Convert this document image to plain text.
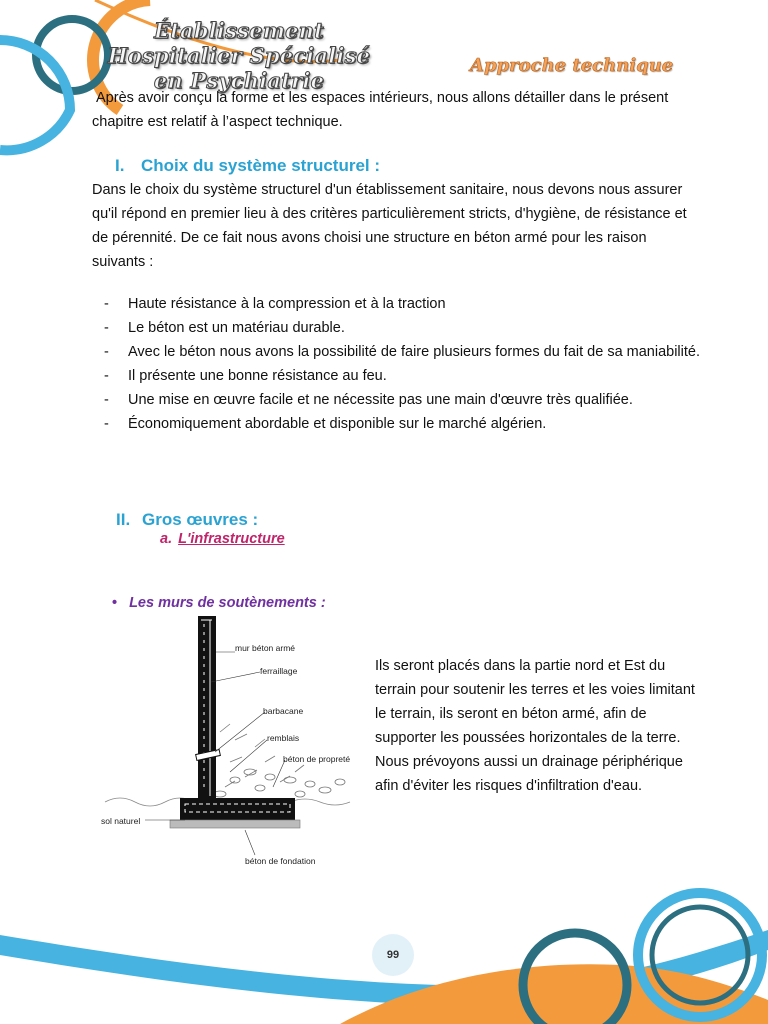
Établissement Hospitalier Spécialisé
en Psychiatrie
Approche technique

Après avoir conçu la forme et les espaces intérieurs, nous allons détailler dans le présent chapitre est relatif à l’aspect technique.

I. Choix du système structurel :

Dans le choix du système structurel d'un établissement sanitaire, nous devons nous assurer qu'il répond en premier lieu à des critères particulièrement stricts, d'hygiène, de résistance et de pérennité. De ce fait nous avons choisi une structure en béton armé pour les raison suivants :

- Haute résistance à la compression et à la traction
- Le béton est un matériau durable.
- Avec le béton nous avons la possibilité de faire plusieurs formes du fait de sa maniabilité.
- Il présente une bonne résistance au feu.
- Une mise en œuvre facile et ne nécessite pas une main d'œuvre très qualifiée.
- Économiquement abordable et disponible sur le marché algérien.
II. Gros œuvres :
a. L'infrastructure
• Les murs de soutènements :
mur béton armé
ferraillage
barbacane
remblais
béton de propreté
sol naturel
béton de fondation

Ils seront placés dans la partie nord et Est du terrain pour soutenir les terres et les voies limitant le terrain, ils seront en béton armé, afin de supporter les poussées horizontales de la terre. Nous prévoyons aussi un drainage périphérique afin d'éviter les risques d'infiltration d'eau.

99
